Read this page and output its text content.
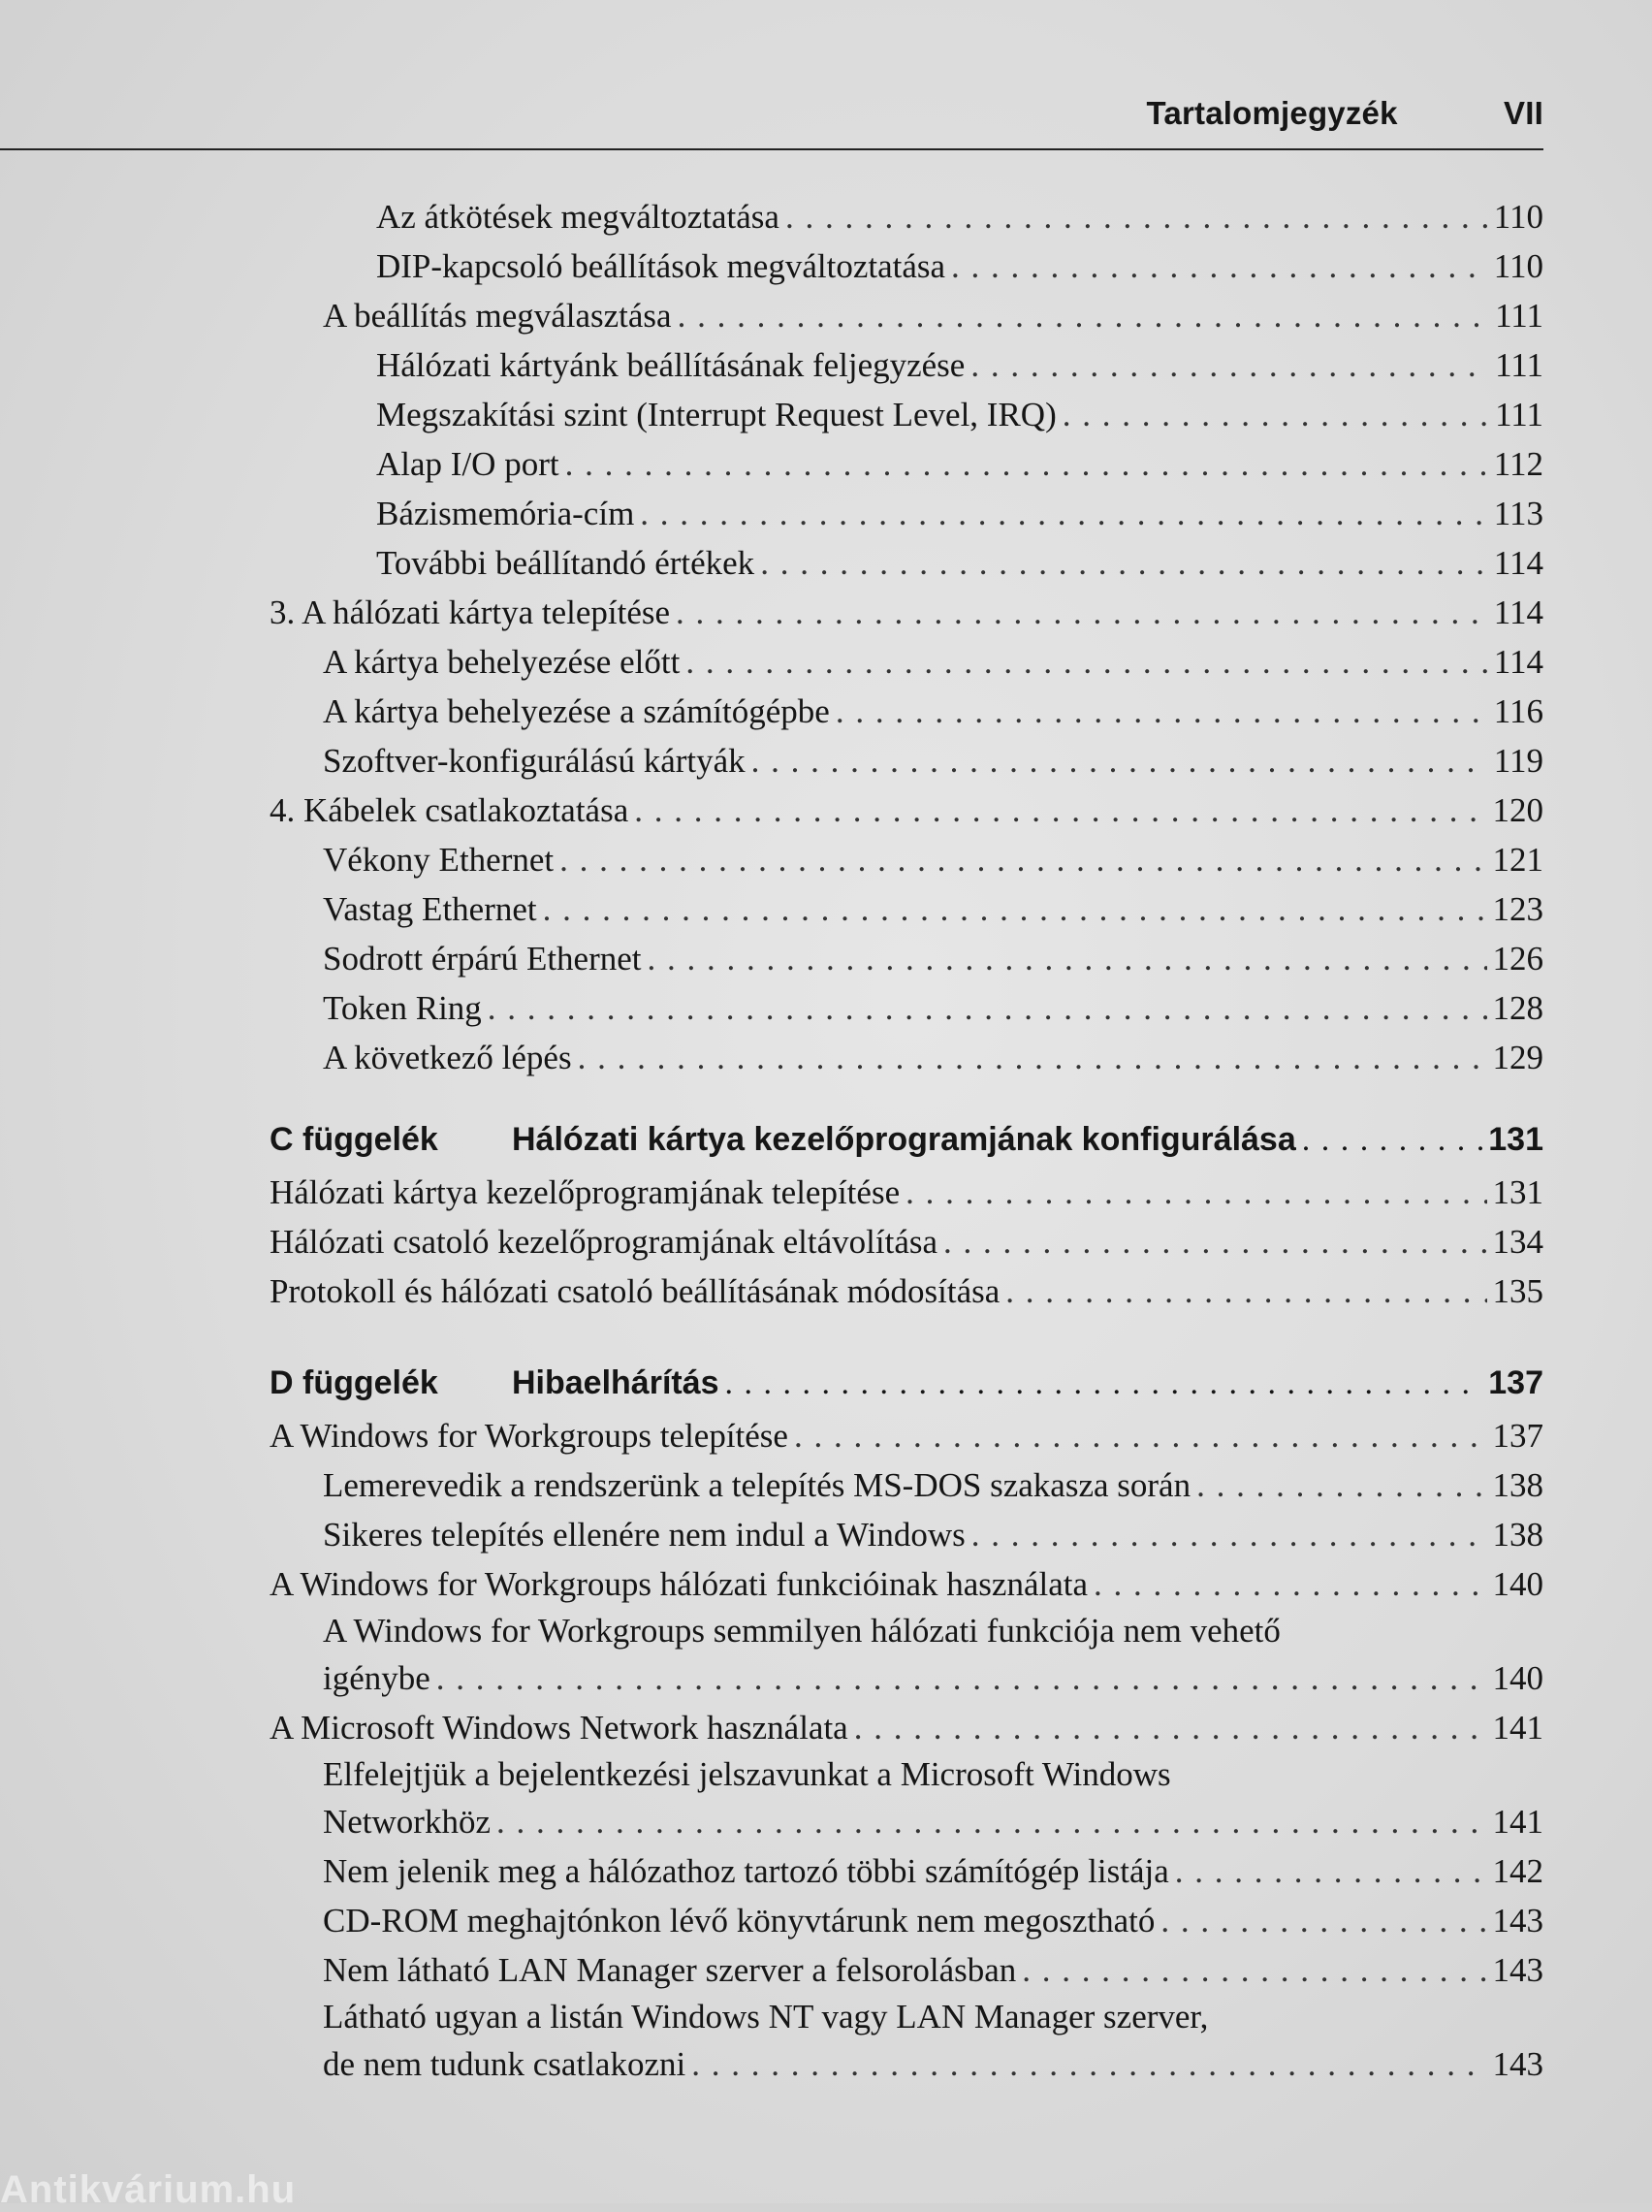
Tartalomjegyzék	VII
Az átkötések megváltoztatása . . .	110
DIP-kapcsoló beállítások megváltoztatása . . .	110
A beállítás megválasztása . . .	111
Hálózati kártyánk beállításának feljegyzése . . .	111
Megszakítási szint (Interrupt Request Level, IRQ) . . .	111
Alap I/O port . . .	112
Bázismemória-cím . . .	113
További beállítandó értékek . . .	114
3. A hálózati kártya telepítése . . .	114
A kártya behelyezése előtt . . .	114
A kártya behelyezése a számítógépbe . . .	116
Szoftver-konfigurálású kártyák . . .	119
4. Kábelek csatlakoztatása . . .	120
Vékony Ethernet . . .	121
Vastag Ethernet . . .	123
Sodrott érpárú Ethernet . . .	126
Token Ring . . .	128
A következő lépés . . .	129
C függelék	Hálózati kártya kezelőprogramjának konfigurálása . . .	131
Hálózati kártya kezelőprogramjának telepítése . . .	131
Hálózati csatoló kezelőprogramjának eltávolítása . . .	134
Protokoll és hálózati csatoló beállításának módosítása . . .	135
D függelék	Hibaelhárítás . . .	137
A Windows for Workgroups telepítése . . .	137
Lemerevedik a rendszerünk a telepítés MS-DOS szakasza során . . .	138
Sikeres telepítés ellenére nem indul a Windows . . .	138
A Windows for Workgroups hálózati funkcióinak használata . . .	140
A Windows for Workgroups semmilyen hálózati funkciója nem vehető
igénybe . . .	140
A Microsoft Windows Network használata . . .	141
Elfelejtjük a bejelentkezési jelszavunkat a Microsoft Windows
Networkhöz . . .	141
Nem jelenik meg a hálózathoz tartozó többi számítógép listája . . .	142
CD-ROM meghajtónkon lévő könyvtárunk nem megosztható . . .	143
Nem látható LAN Manager szerver a felsorolásban . . .	143
Látható ugyan a listán Windows NT vagy LAN Manager szerver,
de nem tudunk csatlakozni . . .	143
Antikvárium.hu
